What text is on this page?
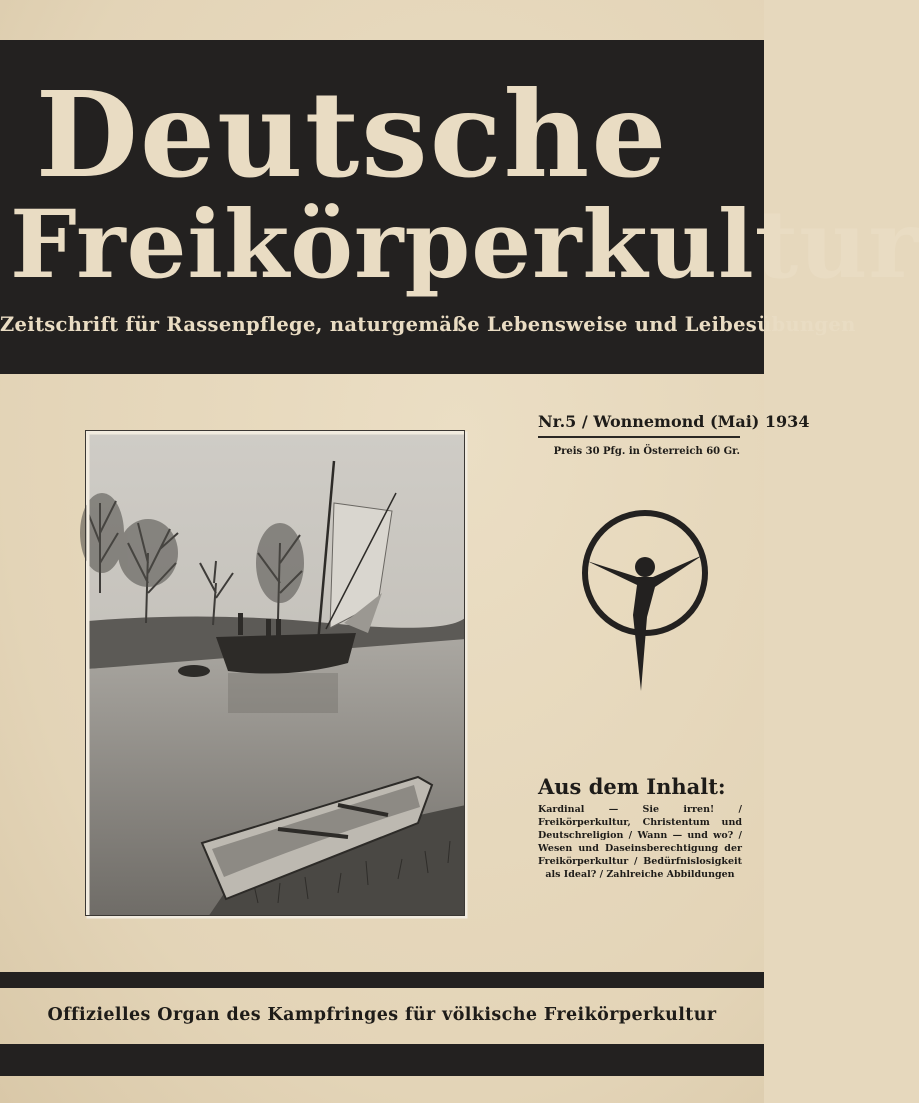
Deutsche
Freikörperkultur
Zeitschrift für Rassenpflege, naturgemäße Lebensweise und Leibesübungen
Nr.5 / Wonnemond (Mai) 1934
Preis 30 Pfg. in Österreich 60 Gr.
Aus dem Inhalt:
Kardinal — Sie irren! / Freikörperkultur, Christentum und Deutschreligion / Wann — und wo? / Wesen und Daseinsberechtigung der Freikörperkultur / Bedürfnislosigkeit als Ideal? / Zahlreiche Abbildungen
Offizielles Organ des Kampfringes für völkische Freikörperkultur
